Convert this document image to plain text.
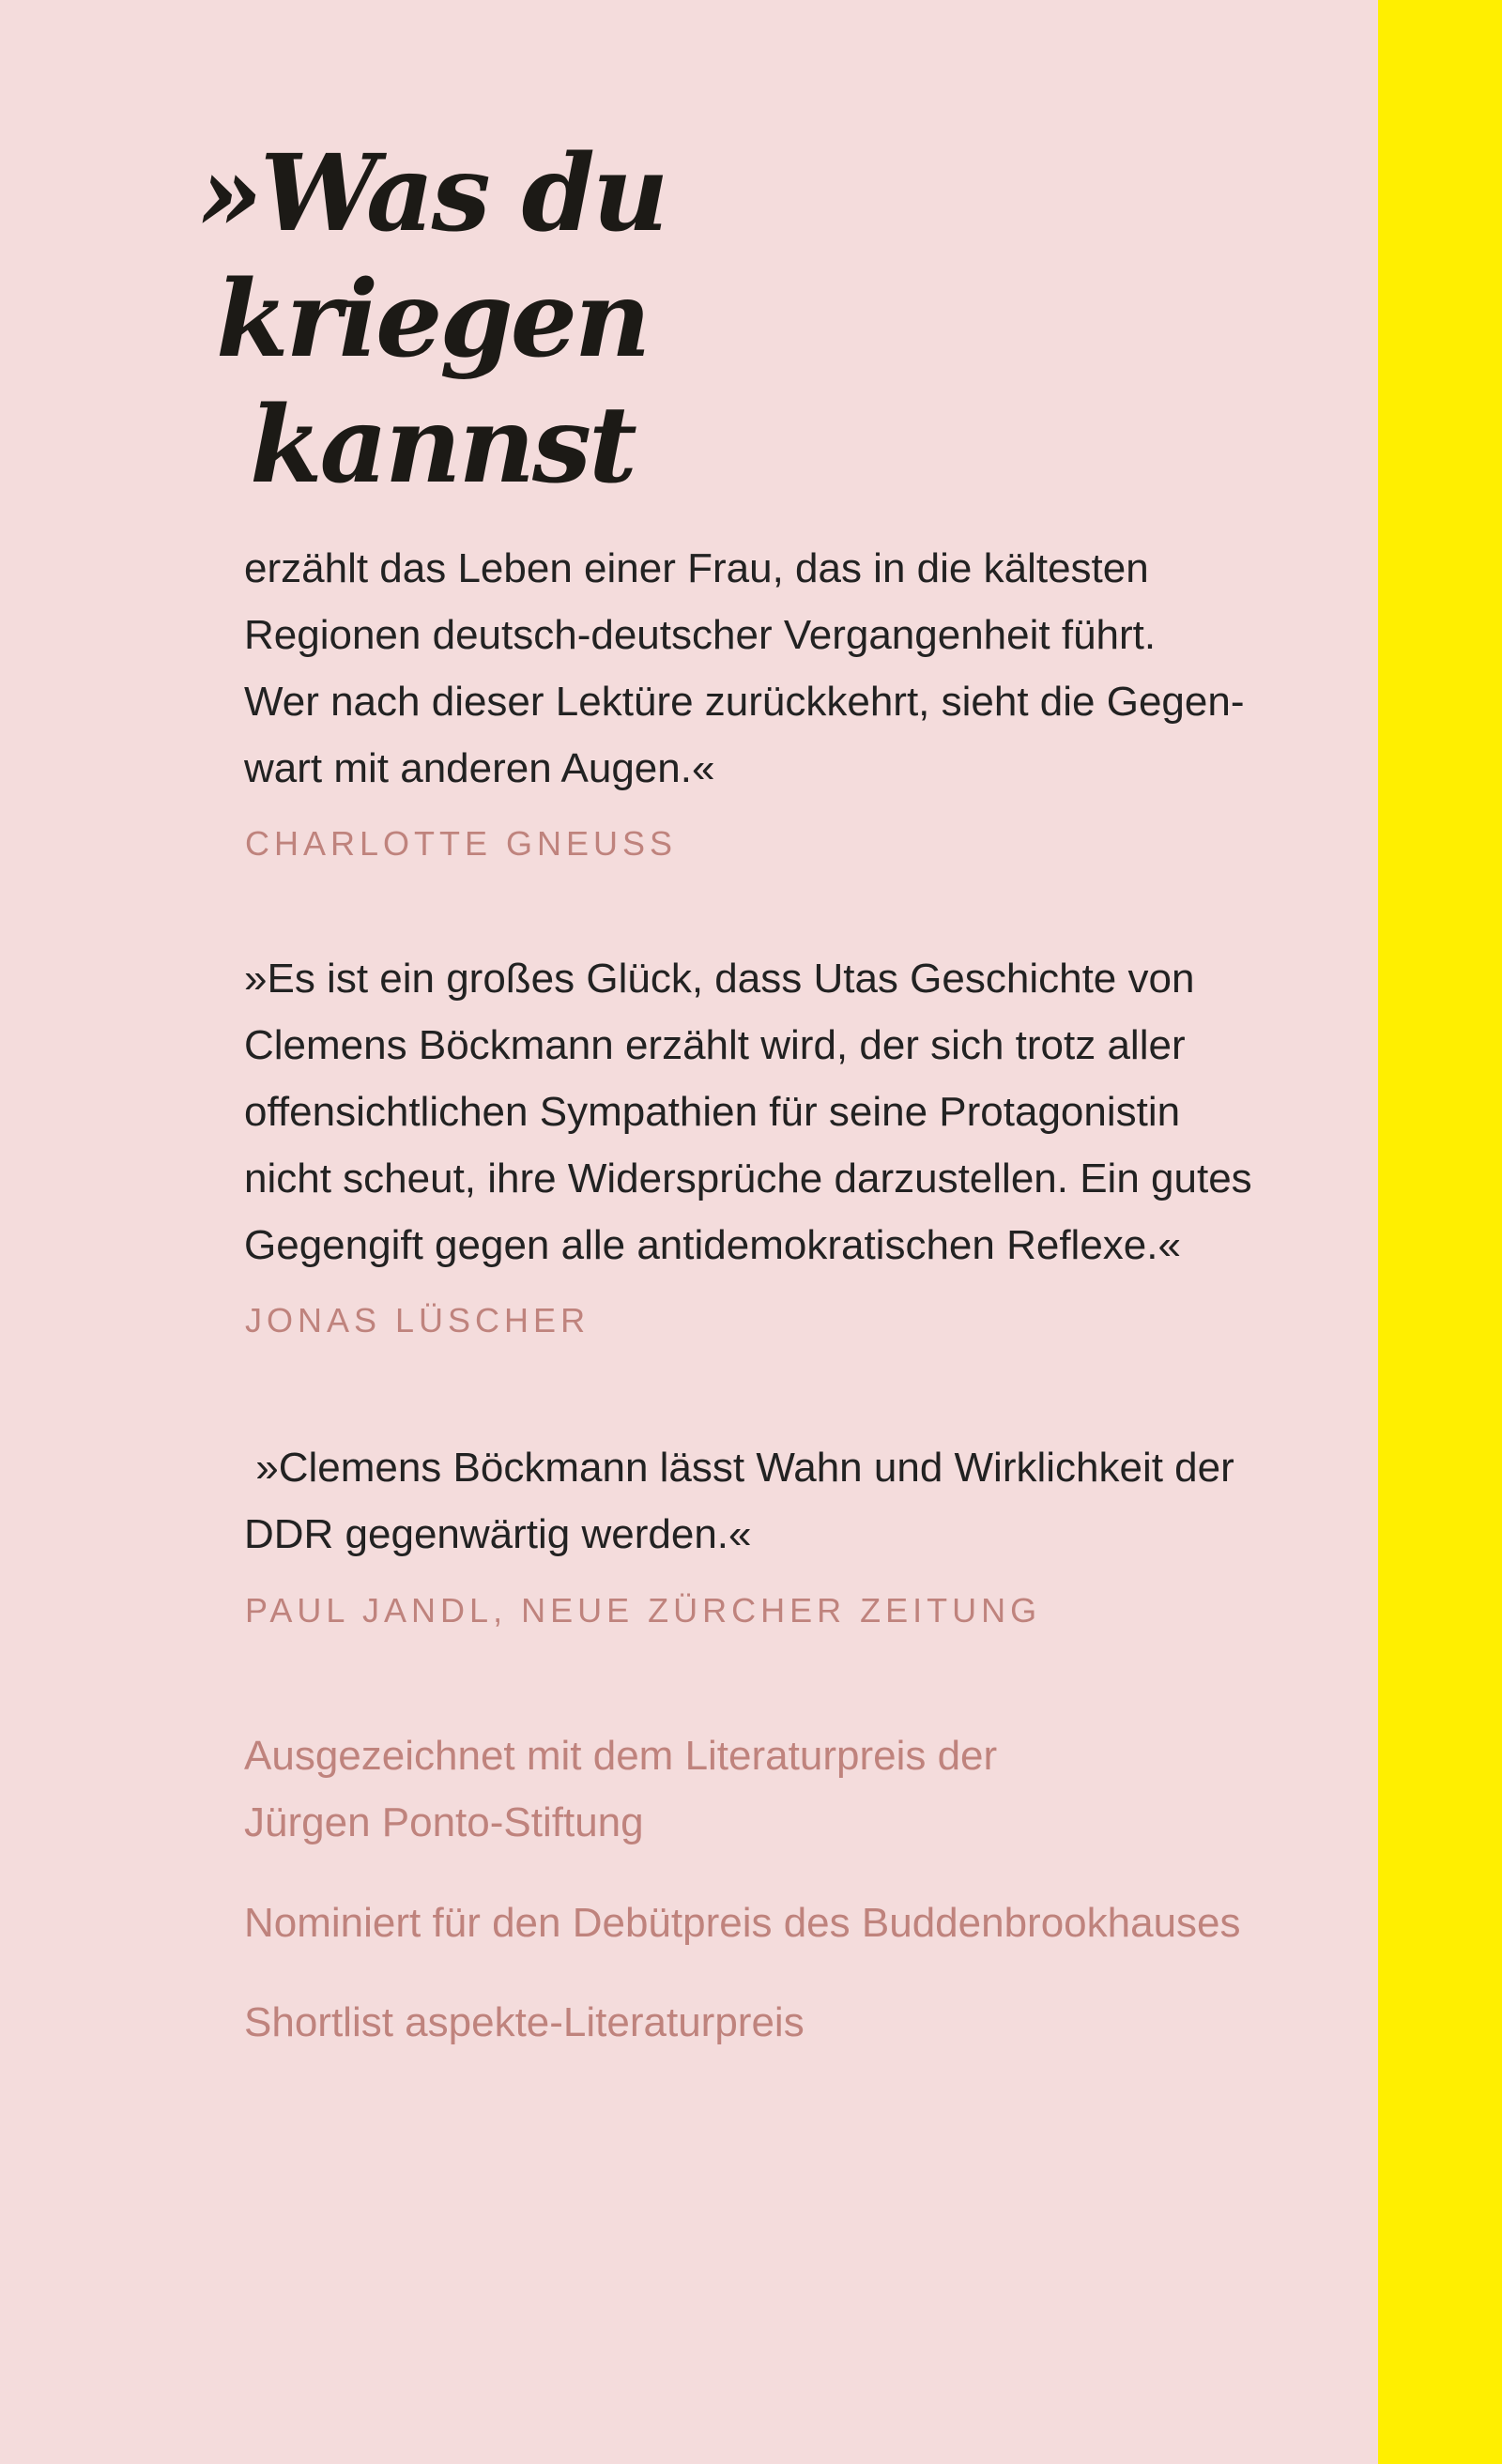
»Was du
kriegen
kannst

erzählt das Leben einer Frau, das in die kältesten
Regionen deutsch-deutscher Vergangenheit führt.
Wer nach dieser Lektüre zurückkehrt, sieht die Gegen-
wart mit anderen Augen.«

CHARLOTTE GNEUSS

»Es ist ein großes Glück, dass Utas Geschichte von
Clemens Böckmann erzählt wird, der sich trotz aller
offensichtlichen Sympathien für seine Protagonistin
nicht scheut, ihre Widersprüche darzustellen. Ein gutes
Gegengift gegen alle antidemokratischen Reflexe.«

JONAS LÜSCHER

»Clemens Böckmann lässt Wahn und Wirklichkeit der
DDR gegenwärtig werden.«

PAUL JANDL, NEUE ZÜRCHER ZEITUNG

Ausgezeichnet mit dem Literaturpreis der
Jürgen Ponto-Stiftung

Nominiert für den Debütpreis des Buddenbrookhauses

Shortlist aspekte-Literaturpreis
